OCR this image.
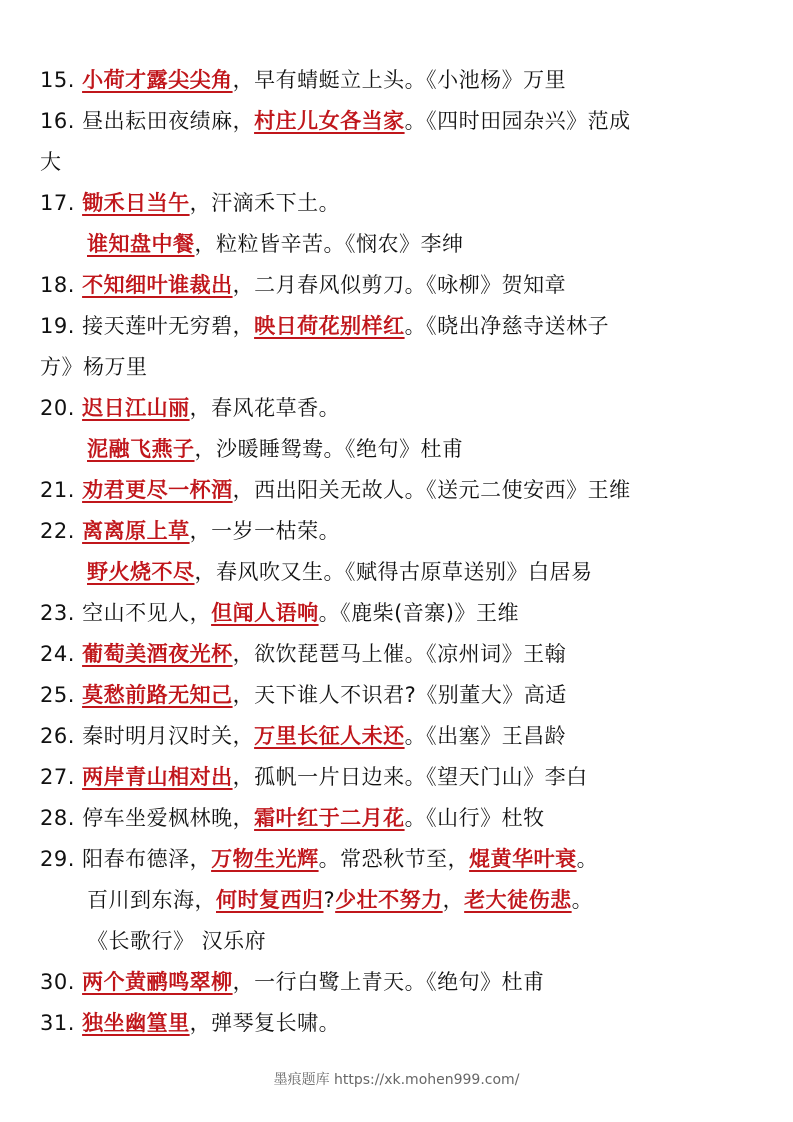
15. 小荷才露尖尖角，早有蜻蜓立上头。《小池杨》万里
16. 昼出耘田夜绩麻，村庄儿女各当家。《四时田园杂兴》范成
大
17. 锄禾日当午，汗滴禾下土。
谁知盘中餐，粒粒皆辛苦。《悯农》李绅
18. 不知细叶谁裁出，二月春风似剪刀。《咏柳》贺知章
19. 接天莲叶无穷碧，映日荷花别样红。《晓出净慈寺送林子
方》杨万里
20. 迟日江山丽，春风花草香。
泥融飞燕子，沙暖睡鸳鸯。《绝句》杜甫
21. 劝君更尽一杯酒，西出阳关无故人。《送元二使安西》王维
22. 离离原上草，一岁一枯荣。
野火烧不尽，春风吹又生。《赋得古原草送别》白居易
23. 空山不见人，但闻人语响。《鹿柴(音寨)》王维
24. 葡萄美酒夜光杯，欲饮琵琶马上催。《凉州词》王翰
25. 莫愁前路无知己，天下谁人不识君?《别董大》高适
26. 秦时明月汉时关，万里长征人未还。《出塞》王昌龄
27. 两岸青山相对出，孤帆一片日边来。《望天门山》李白
28. 停车坐爱枫林晚，霜叶红于二月花。《山行》杜牧
29. 阳春布德泽，万物生光辉。常恐秋节至，焜黄华叶衰。
百川到东海，何时复西归?少壮不努力，老大徒伤悲。
《长歌行》 汉乐府
30. 两个黄鹂鸣翠柳，一行白鹭上青天。《绝句》杜甫
31. 独坐幽篁里，弹琴复长啸。
墨痕题库 https://xk.mohen999.com/
